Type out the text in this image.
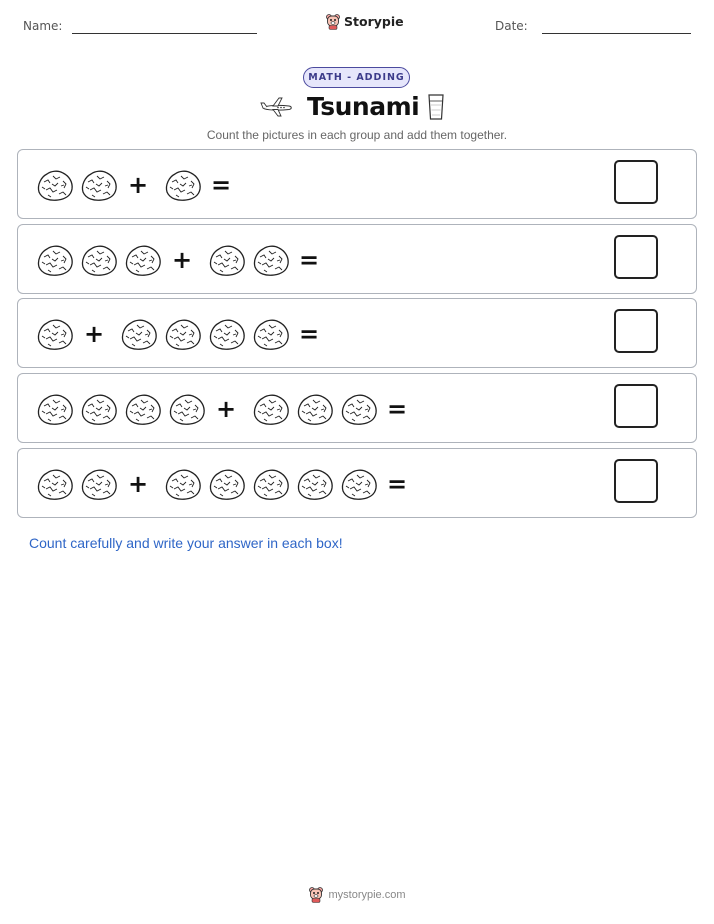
Name:	Storypie	Date:
MATH - ADDING
Tsunami
Count the pictures in each group and add them together.
+	=
+	=
+	=
+	=
+	=
Count carefully and write your answer in each box!
mystorypie.com
